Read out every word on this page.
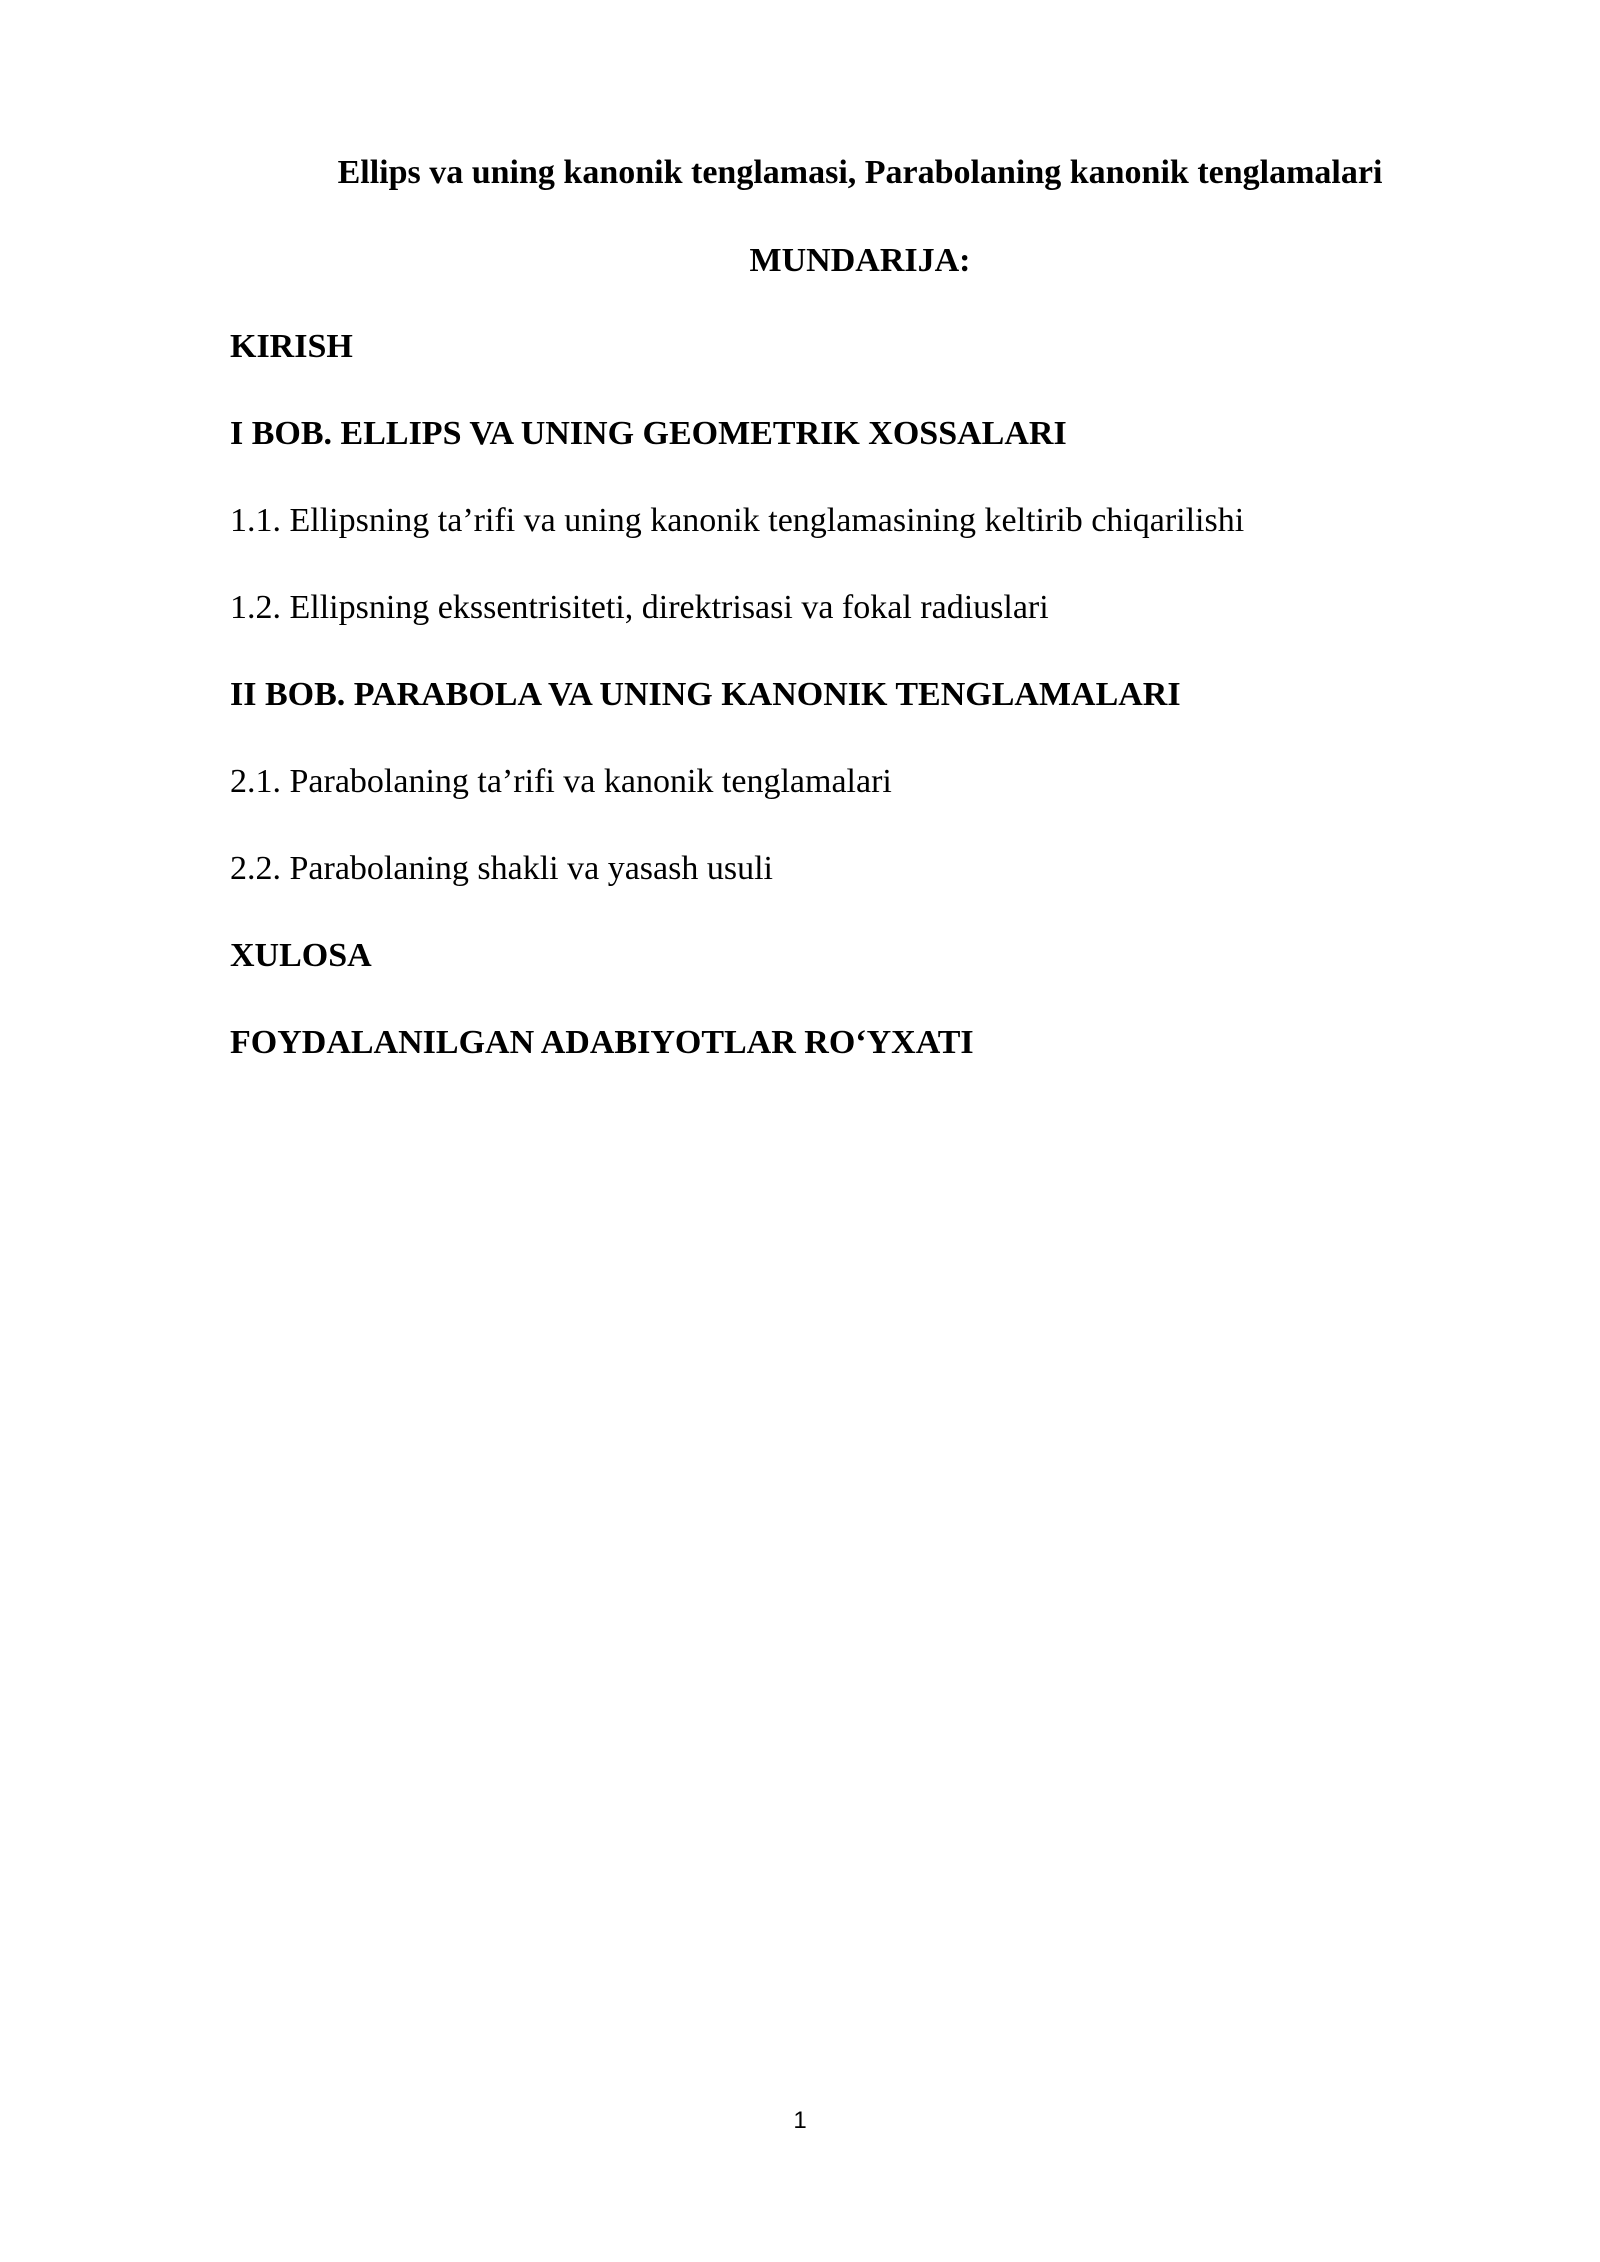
Ellips va uning kanonik tenglamasi, Parabolaning kanonik tenglamalari
MUNDARIJA:
KIRISH
I BOB. ELLIPS VA UNING GEOMETRIK XOSSALARI
1.1. Ellipsning ta’rifi va uning kanonik tenglamasining keltirib chiqarilishi
1.2. Ellipsning ekssentrisiteti, direktrisasi va fokal radiuslari
II BOB. PARABOLA VA UNING KANONIK TENGLAMALARI
2.1. Parabolaning ta’rifi va kanonik tenglamalari
2.2. Parabolaning shakli va yasash usuli
XULOSA
FOYDALANILGAN ADABIYOTLAR RO‘YXATI
1
